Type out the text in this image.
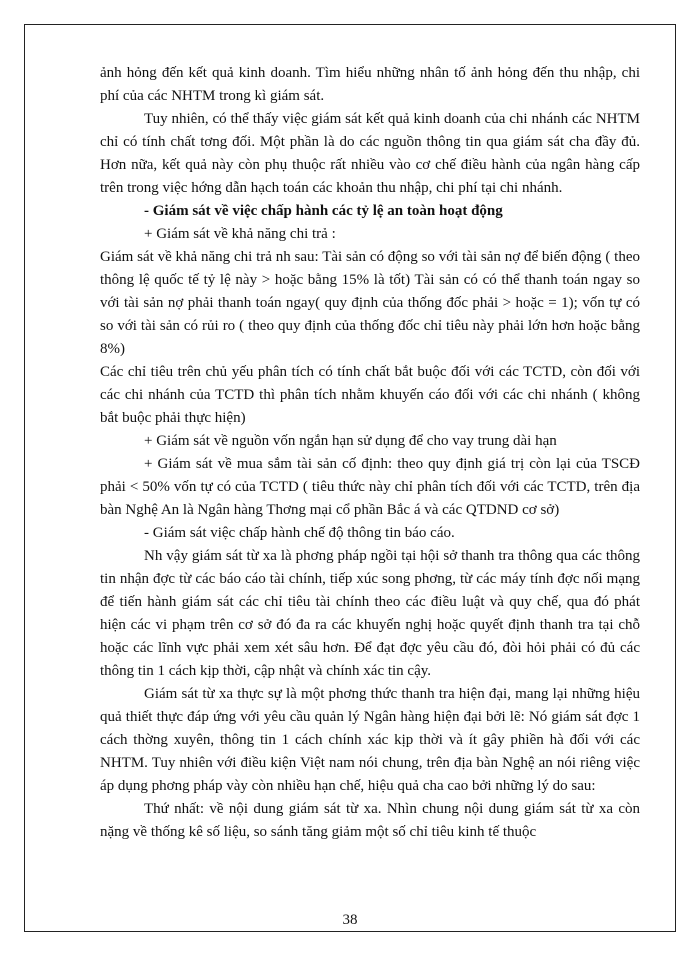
ảnh hỏng đến kết quả kinh doanh. Tìm hiểu những nhân tố ảnh hỏng đến thu nhập, chi phí của các NHTM trong kì giám sát.

Tuy nhiên, có thể thấy việc giám sát kết quả kinh doanh của chi nhánh các NHTM chỉ có tính chất tơng đối. Một phần là do các nguồn thông tin qua giám sát cha đầy đủ. Hơn nữa, kết quả này còn phụ thuộc rất nhiều vào cơ chế điều hành của ngân hàng cấp trên trong việc hớng dẫn hạch toán các khoản thu nhập, chi phí tại chi nhánh.

- Giám sát về việc chấp hành các tỷ lệ an toàn hoạt động

+ Giám sát về khả năng chi trả :

Giám sát về khả năng chi trả nh sau: Tài sản có động so với tài sản nợ để biến động ( theo thông lệ quốc tế tỷ lệ này > hoặc bằng 15% là tốt) Tài sản có có thể thanh toán ngay so với tài sản nợ phải thanh toán ngay( quy định của thống đốc phải > hoặc = 1); vốn tự có so với tài sản có rủi ro ( theo quy định của thống đốc chỉ tiêu này phải lớn hơn hoặc bằng 8%)

Các chỉ tiêu trên chủ yếu phân tích có tính chất bắt buộc đối với các TCTD, còn đối với các chi nhánh của TCTD thì phân tích nhằm khuyến cáo đối với các chi nhánh ( không bắt buộc phải thực hiện)

+ Giám sát về nguồn vốn ngắn hạn sử dụng để cho vay trung dài hạn

+ Giám sát về mua sắm tài sản cố định: theo quy định giá trị còn lại của TSCĐ phải < 50% vốn tự có của TCTD ( tiêu thức này chỉ phân tích đối với các TCTD, trên địa bàn Nghệ An là Ngân hàng Thơng mại cổ phần Bắc á và các QTDND cơ sở)

- Giám sát việc chấp hành chế độ thông tin báo cáo.

Nh vậy giám sát từ xa là phơng pháp ngồi tại hội sở thanh tra thông qua các thông tin nhận đợc từ các báo cáo tài chính, tiếp xúc song phơng, từ các máy tính đợc nối mạng để tiến hành giám sát các chỉ tiêu tài chính theo các điều luật và quy chế, qua đó phát hiện các vi phạm trên cơ sở đó đa ra các khuyến nghị hoặc quyết định thanh tra tại chỗ hoặc các lĩnh vực phải xem xét sâu hơn. Để đạt đợc yêu cầu đó, đòi hỏi phải có đủ các thông tin 1 cách kịp thời, cập nhật và chính xác tin cậy.

Giám sát từ xa thực sự là một phơng thức thanh tra hiện đại, mang lại những hiệu quả thiết thực đáp ứng với yêu cầu quản lý Ngân hàng hiện đại bởi lẽ: Nó giám sát đợc 1 cách thờng xuyên, thông tin 1 cách chính xác kịp thời và ít gây phiền hà đối với các NHTM. Tuy nhiên với điều kiện Việt nam nói chung, trên địa bàn Nghệ an nói riêng việc áp dụng phơng pháp vày còn nhiều hạn chế, hiệu quả cha cao bởi những lý do sau:

Thứ nhất: về nội dung giám sát từ xa. Nhìn chung nội dung giám sát từ xa còn nặng về thống kê số liệu, so sánh tăng giảm một số chỉ tiêu kinh tế thuộc

38
